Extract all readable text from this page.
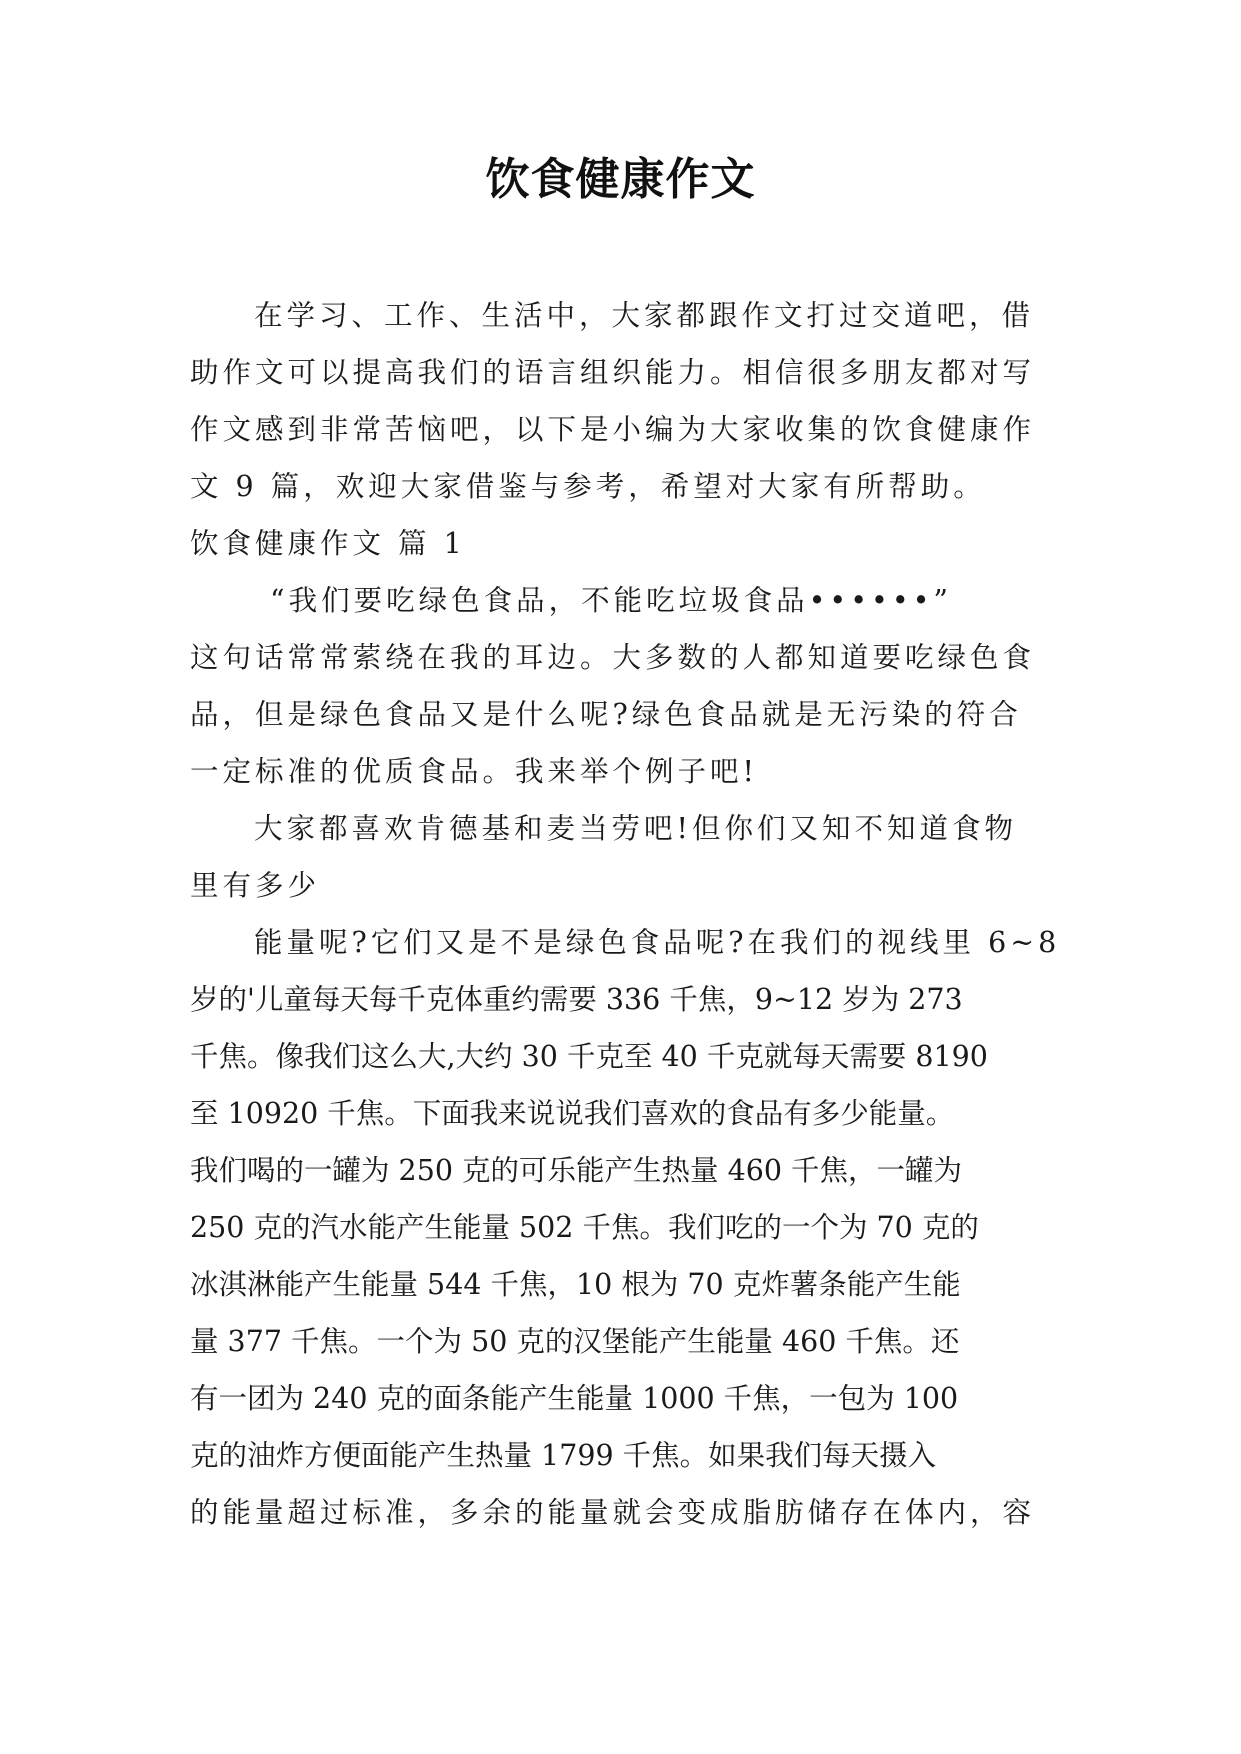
饮食健康作文
在学习、工作、生活中，大家都跟作文打过交道吧，借
助作文可以提高我们的语言组织能力。相信很多朋友都对写
作文感到非常苦恼吧，以下是小编为大家收集的饮食健康作
文 9 篇，欢迎大家借鉴与参考，希望对大家有所帮助。
饮食健康作文 篇 1
“我们要吃绿色食品，不能吃垃圾食品••••••”
这句话常常萦绕在我的耳边。大多数的人都知道要吃绿色食
品，但是绿色食品又是什么呢?绿色食品就是无污染的符合
一定标准的优质食品。我来举个例子吧!
大家都喜欢肯德基和麦当劳吧!但你们又知不知道食物
里有多少
能量呢?它们又是不是绿色食品呢?在我们的视线里 6~8
岁的'儿童每天每千克体重约需要 336 千焦，9~12 岁为 273
千焦。像我们这么大,大约 30 千克至 40 千克就每天需要 8190
至 10920 千焦。下面我来说说我们喜欢的食品有多少能量。
我们喝的一罐为 250 克的可乐能产生热量 460 千焦，一罐为
250 克的汽水能产生能量 502 千焦。我们吃的一个为 70 克的
冰淇淋能产生能量 544 千焦，10 根为 70 克炸薯条能产生能
量 377 千焦。一个为 50 克的汉堡能产生能量 460 千焦。还
有一团为 240 克的面条能产生能量 1000 千焦，一包为 100
克的油炸方便面能产生热量 1799 千焦。如果我们每天摄入
的能量超过标准，多余的能量就会变成脂肪储存在体内，容
